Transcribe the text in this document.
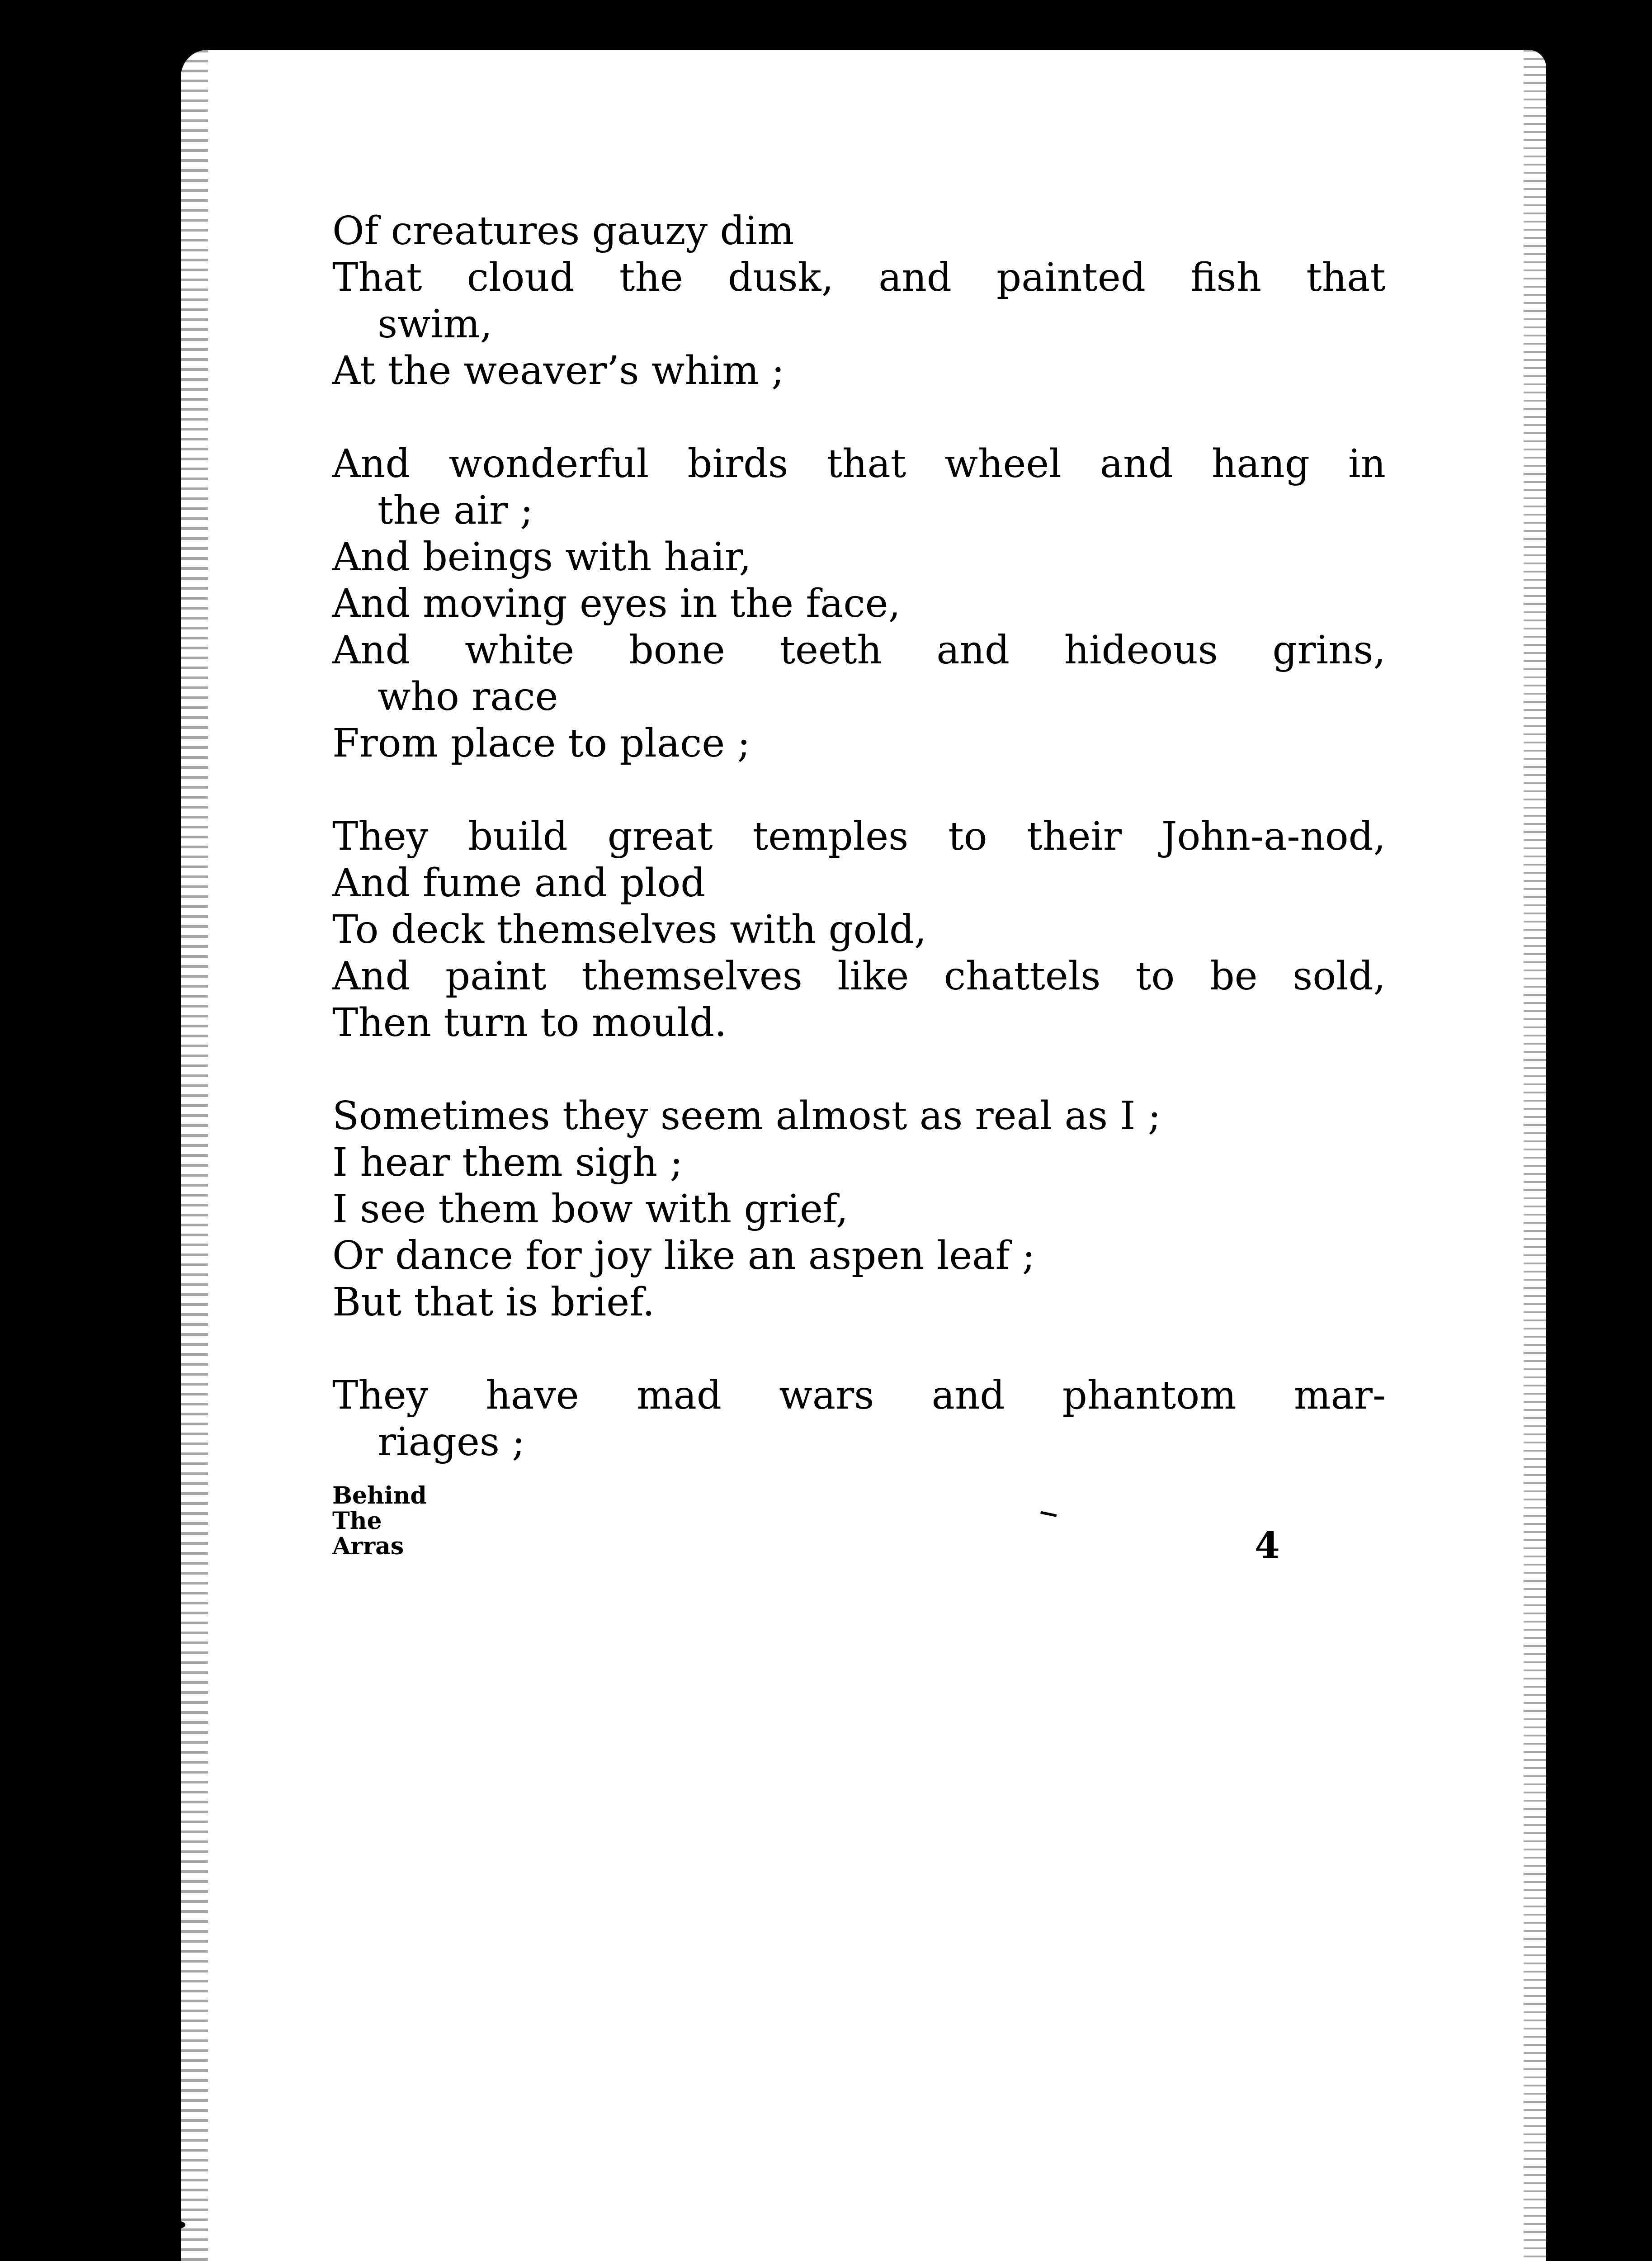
Of creatures gauzy dim
That cloud the dusk, and painted fish that
swim,
At the weaver’s whim ;
And wonderful birds that wheel and hang in
the air ;
And beings with hair,
And moving eyes in the face,
And white bone teeth and hideous grins,
who race
From place to place ;
They build great temples to their John-a-nod,
And fume and plod
To deck themselves with gold,
And paint themselves like chattels to be sold,
Then turn to mould.
Sometimes they seem almost as real as I ;
I hear them sigh ;
I see them bow with grief,
Or dance for joy like an aspen leaf ;
But that is brief.
They have mad wars and phantom mar-
riages ;
Behind
The
Arras	4
